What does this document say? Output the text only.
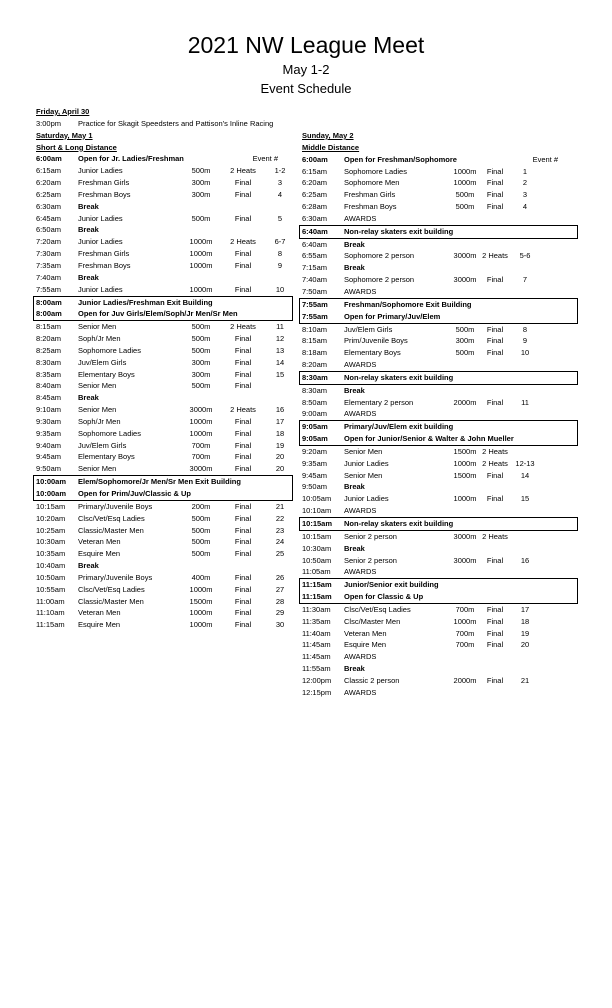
2021 NW League Meet
May 1-2
Event Schedule
Friday, April 30
3:00pm	Practice for Skagit Speedsters and Pattison's Inline Racing
Saturday, May 1
Short & Long Distance
6:00am	Open for Jr. Ladies/Freshman	Event #
6:15am	Junior Ladies	500m	2 Heats	1-2
6:20am	Freshman Girls	300m	Final	3
6:25am	Freshman Boys	300m	Final	4
6:30am	Break
6:45am	Junior Ladies	500m	Final	5
6:50am	Break
7:20am	Junior Ladies	1000m	2 Heats	6-7
7:30am	Freshman Girls	1000m	Final	8
7:35am	Freshman Boys	1000m	Final	9
7:40am	Break
7:55am	Junior Ladies	1000m	Final	10
8:00am	Junior Ladies/Freshman Exit Building
8:00am	Open for Juv Girls/Elem/Soph/Jr Men/Sr Men
8:15am	Senior Men	500m	2 Heats	11
8:20am	Soph/Jr Men	500m	Final	12
8:25am	Sophomore Ladies	500m	Final	13
8:30am	Juv/Elem Girls	300m	Final	14
8:35am	Elementary Boys	300m	Final	15
8:40am	Senior Men	500m	Final
8:45am	Break
9:10am	Senior Men	3000m	2 Heats	16
9:30am	Soph/Jr Men	1000m	Final	17
9:35am	Sophomore Ladies	1000m	Final	18
9:40am	Juv/Elem Girls	700m	Final	19
9:45am	Elementary Boys	700m	Final	20
9:50am	Senior Men	3000m	Final	20
10:00am	Elem/Sophomore/Jr Men/Sr Men Exit Building
10:00am	Open for Prim/Juv/Classic & Up
10:15am	Primary/Juvenile Boys	200m	Final	21
10:20am	Clsc/Vet/Esq Ladies	500m	Final	22
10:25am	Classic/Master Men	500m	Final	23
10:30am	Veteran Men	500m	Final	24
10:35am	Esquire Men	500m	Final	25
10:40am	Break
10:50am	Primary/Juvenile Boys	400m	Final	26
10:55am	Clsc/Vet/Esq Ladies	1000m	Final	27
11:00am	Classic/Master Men	1500m	Final	28
11:10am	Veteran Men	1000m	Final	29
11:15am	Esquire Men	1000m	Final	30
Sunday, May 2
Middle Distance
6:00am	Open for Freshman/Sophomore	Event #
6:15am	Sophomore Ladies	1000m	Final	1
6:20am	Sophomore Men	1000m	Final	2
6:25am	Freshman Girls	500m	Final	3
6:28am	Freshman Boys	500m	Final	4
6:30am	AWARDS
6:40am	Non-relay skaters exit building
6:40am	Break
6:55am	Sophomore 2 person	3000m 2 Heats	5-6
7:15am	Break
7:40am	Sophomore 2 person	3000m	Final	7
7:50am	AWARDS
7:55am	Freshman/Sophomore Exit Building
7:55am	Open for Primary/Juv/Elem
8:10am	Juv/Elem Girls	500m	Final	8
8:15am	Prim/Juvenile Boys	300m	Final	9
8:18am	Elementary Boys	500m	Final	10
8:20am	AWARDS
8:30am	Non-relay skaters exit building
8:30am	Break
8:50am	Elementary 2 person	2000m	Final	11
9:00am	AWARDS
9:05am	Primary/Juv/Elem exit building
9:05am	Open for Junior/Senior & Walter & John Mueller
9:20am	Senior Men	1500m 2 Heats
9:35am	Junior Ladies	1000m 2 Heats 12-13
9:45am	Senior Men	1500m	Final	14
9:50am	Break
10:05am	Junior Ladies	1000m	Final	15
10:10am	AWARDS
10:15am	Non-relay skaters exit building
10:15am	Senior 2 person	3000m 2 Heats
10:30am	Break
10:50am	Senior 2 person	3000m	Final	16
11:05am	AWARDS
11:15am	Junior/Senior exit building
11:15am	Open for Classic & Up
11:30am	Clsc/Vet/Esq Ladies	700m	Final	17
11:35am	Clsc/Master Men	1000m	Final	18
11:40am	Veteran Men	700m	Final	19
11:45am	Esquire Men	700m	Final	20
11:45am	AWARDS
11:55am	Break
12:00pm	Classic 2 person	2000m	Final	21
12:15pm	AWARDS
